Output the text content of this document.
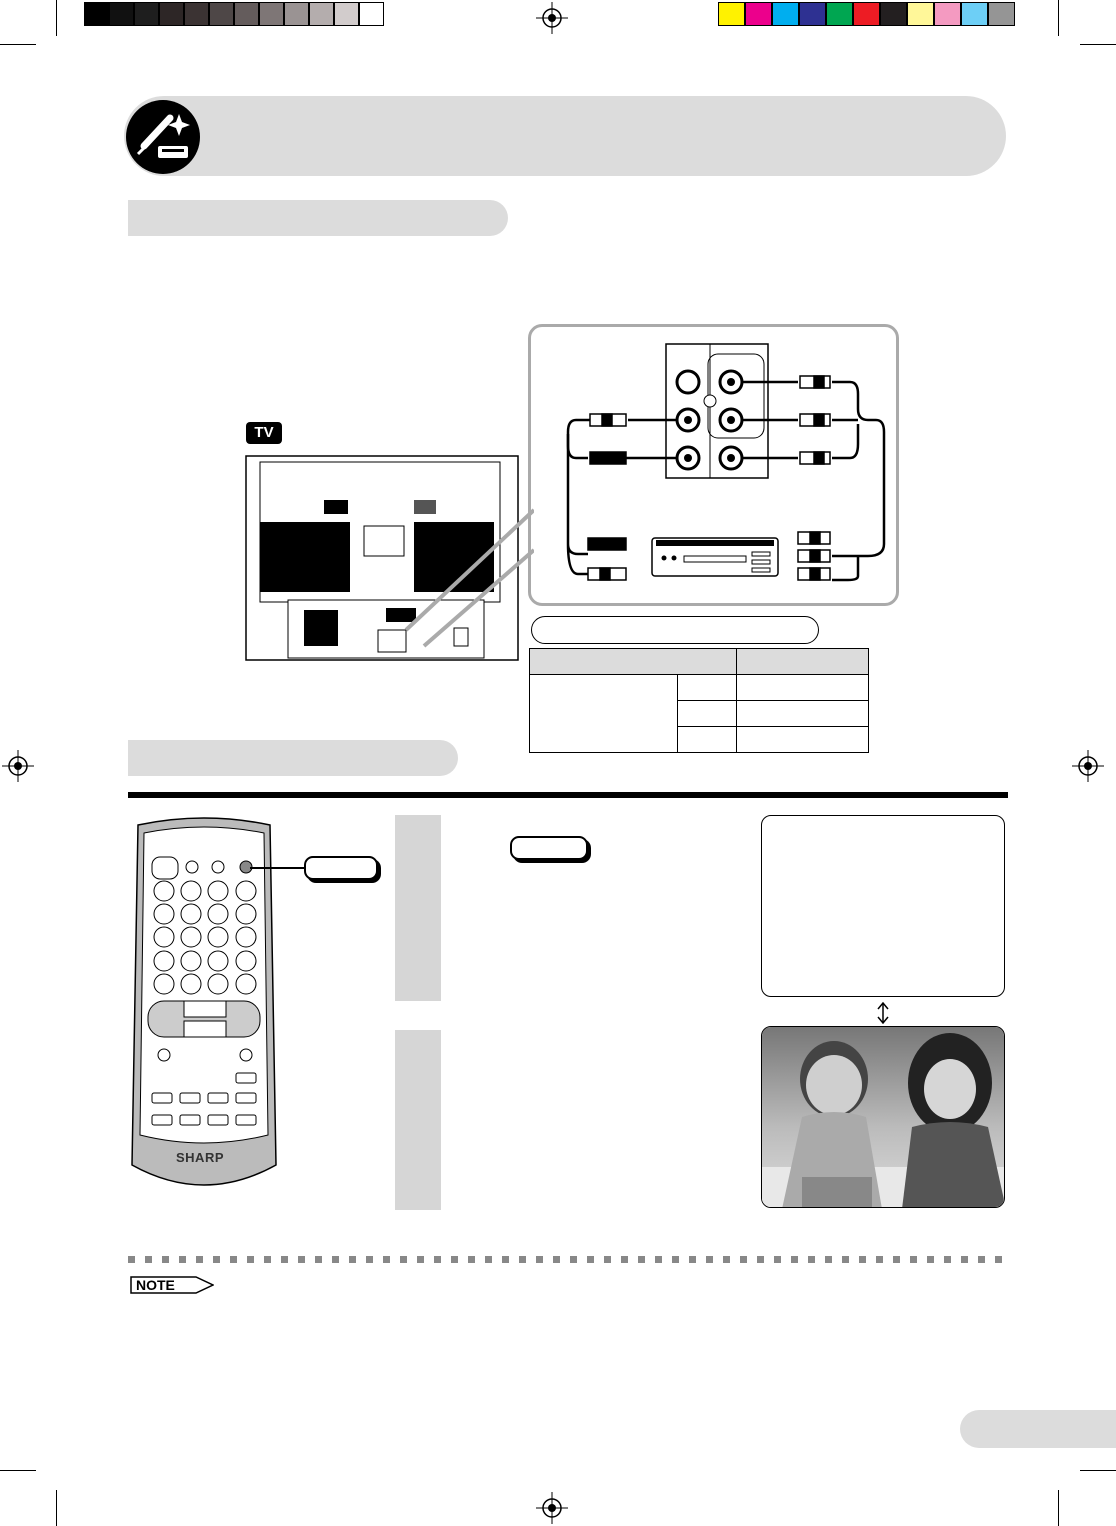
TV

SHARP
NOTE
